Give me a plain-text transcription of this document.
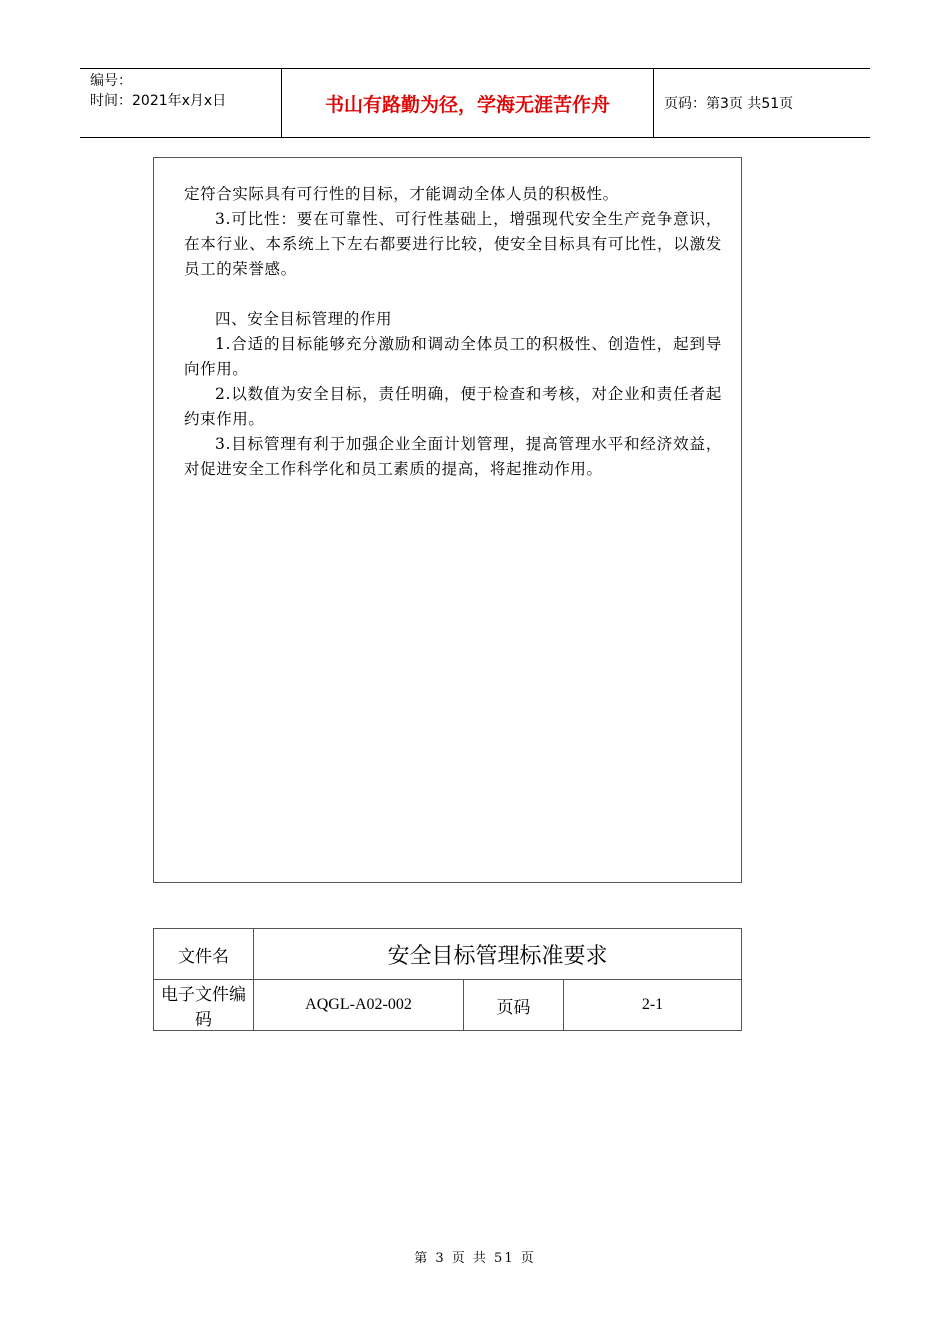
编号：
时间：2021年x月x日	书山有路勤为径，学海无涯苦作舟	页码：第3页 共51页

定符合实际具有可行性的目标，才能调动全体人员的积极性。

3.可比性：要在可靠性、可行性基础上，增强现代安全生产竞争意识，在本行业、本系统上下左右都要进行比较，使安全目标具有可比性，以激发员工的荣誉感。

四、安全目标管理的作用

1.合适的目标能够充分激励和调动全体员工的积极性、创造性，起到导向作用。

2.以数值为安全目标，责任明确，便于检查和考核，对企业和责任者起约束作用。

3.目标管理有利于加强企业全面计划管理，提高管理水平和经济效益，对促进安全工作科学化和员工素质的提高，将起推动作用。

文件名	安全目标管理标准要求		
电子文件编码	AQGL-A02-002	页码	2-1
第 3 页 共 51 页
